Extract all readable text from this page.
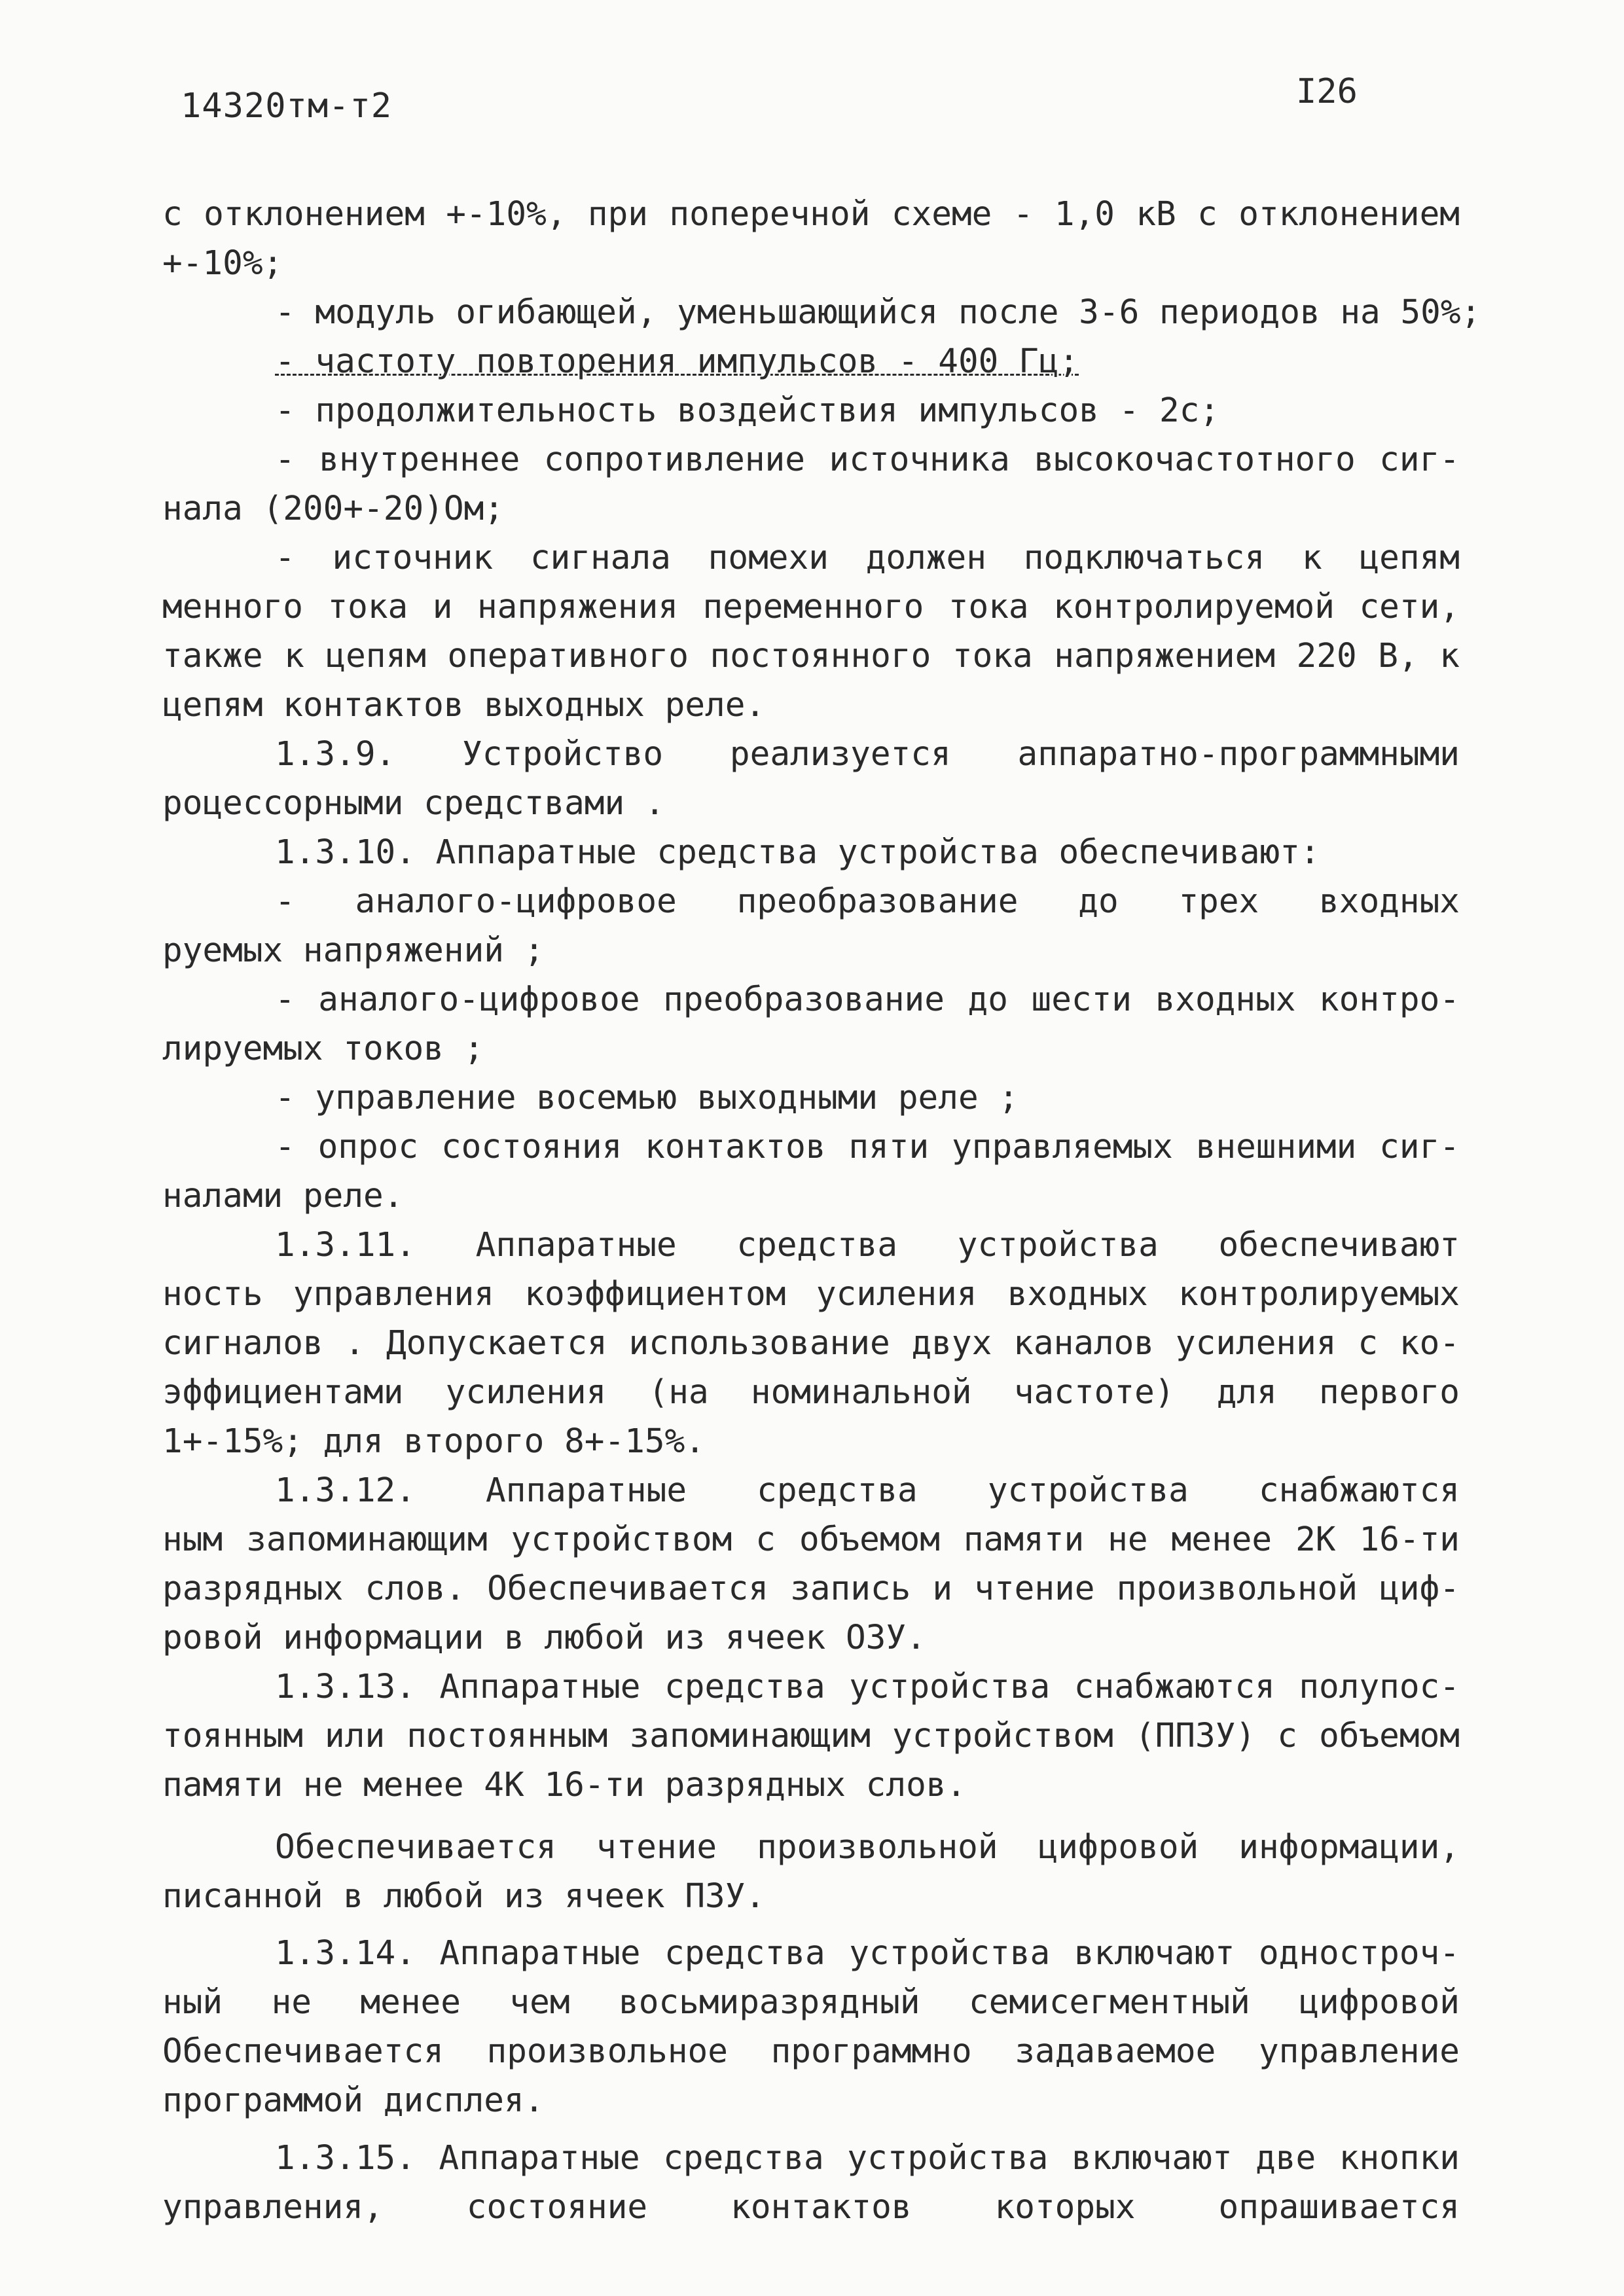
14320тм-т2	I26
с отклонением +-10%, при поперечной схеме - 1,0 кВ с отклонением
+-10%;
- модуль огибающей, уменьшающийся после 3-6 периодов на 50%;
- частоту повторения импульсов - 400 Гц;
- продолжительность воздействия импульсов - 2с;
- внутреннее сопротивление источника высокочастотного сиг-
нала (200+-20)Ом;
- источник сигнала помехи должен подключаться к цепям
менного тока и напряжения переменного тока контролируемой сети,
также к цепям оперативного постоянного тока напряжением 220 В, к
цепям контактов выходных реле.
1.3.9. Устройство реализуется аппаратно-программными
роцессорными средствами .
1.3.10. Аппаратные средства устройства обеспечивают:
- аналого-цифровое преобразование до трех входных
руемых напряжений ;
- аналого-цифровое преобразование до шести входных контро-
лируемых токов ;
- управление восемью выходными реле ;
- опрос состояния контактов пяти управляемых внешними сиг-
налами реле.
1.3.11. Аппаратные средства устройства обеспечивают
ность управления коэффициентом усиления входных контролируемых
сигналов . Допускается использование двух каналов усиления с ко-
эффициентами усиления (на номинальной частоте) для первого
1+-15%; для второго 8+-15%.
1.3.12. Аппаратные средства устройства снабжаются
ным запоминающим устройством с объемом памяти не менее 2К 16-ти
разрядных слов. Обеспечивается запись и чтение произвольной циф-
ровой информации в любой из ячеек ОЗУ.
1.3.13. Аппаратные средства устройства снабжаются полупос-
тоянным или постоянным запоминающим устройством (ППЗУ) с объемом
памяти не менее 4К 16-ти разрядных слов.
Обеспечивается чтение произвольной цифровой информации,
писанной в любой из ячеек ПЗУ.
1.3.14. Аппаратные средства устройства включают одностроч-
ный не менее чем восьмиразрядный семисегментный цифровой
Обеспечивается произвольное программно задаваемое управление
программой дисплея.
1.3.15. Аппаратные средства устройства включают две кнопки
управления, состояние контактов которых опрашивается
